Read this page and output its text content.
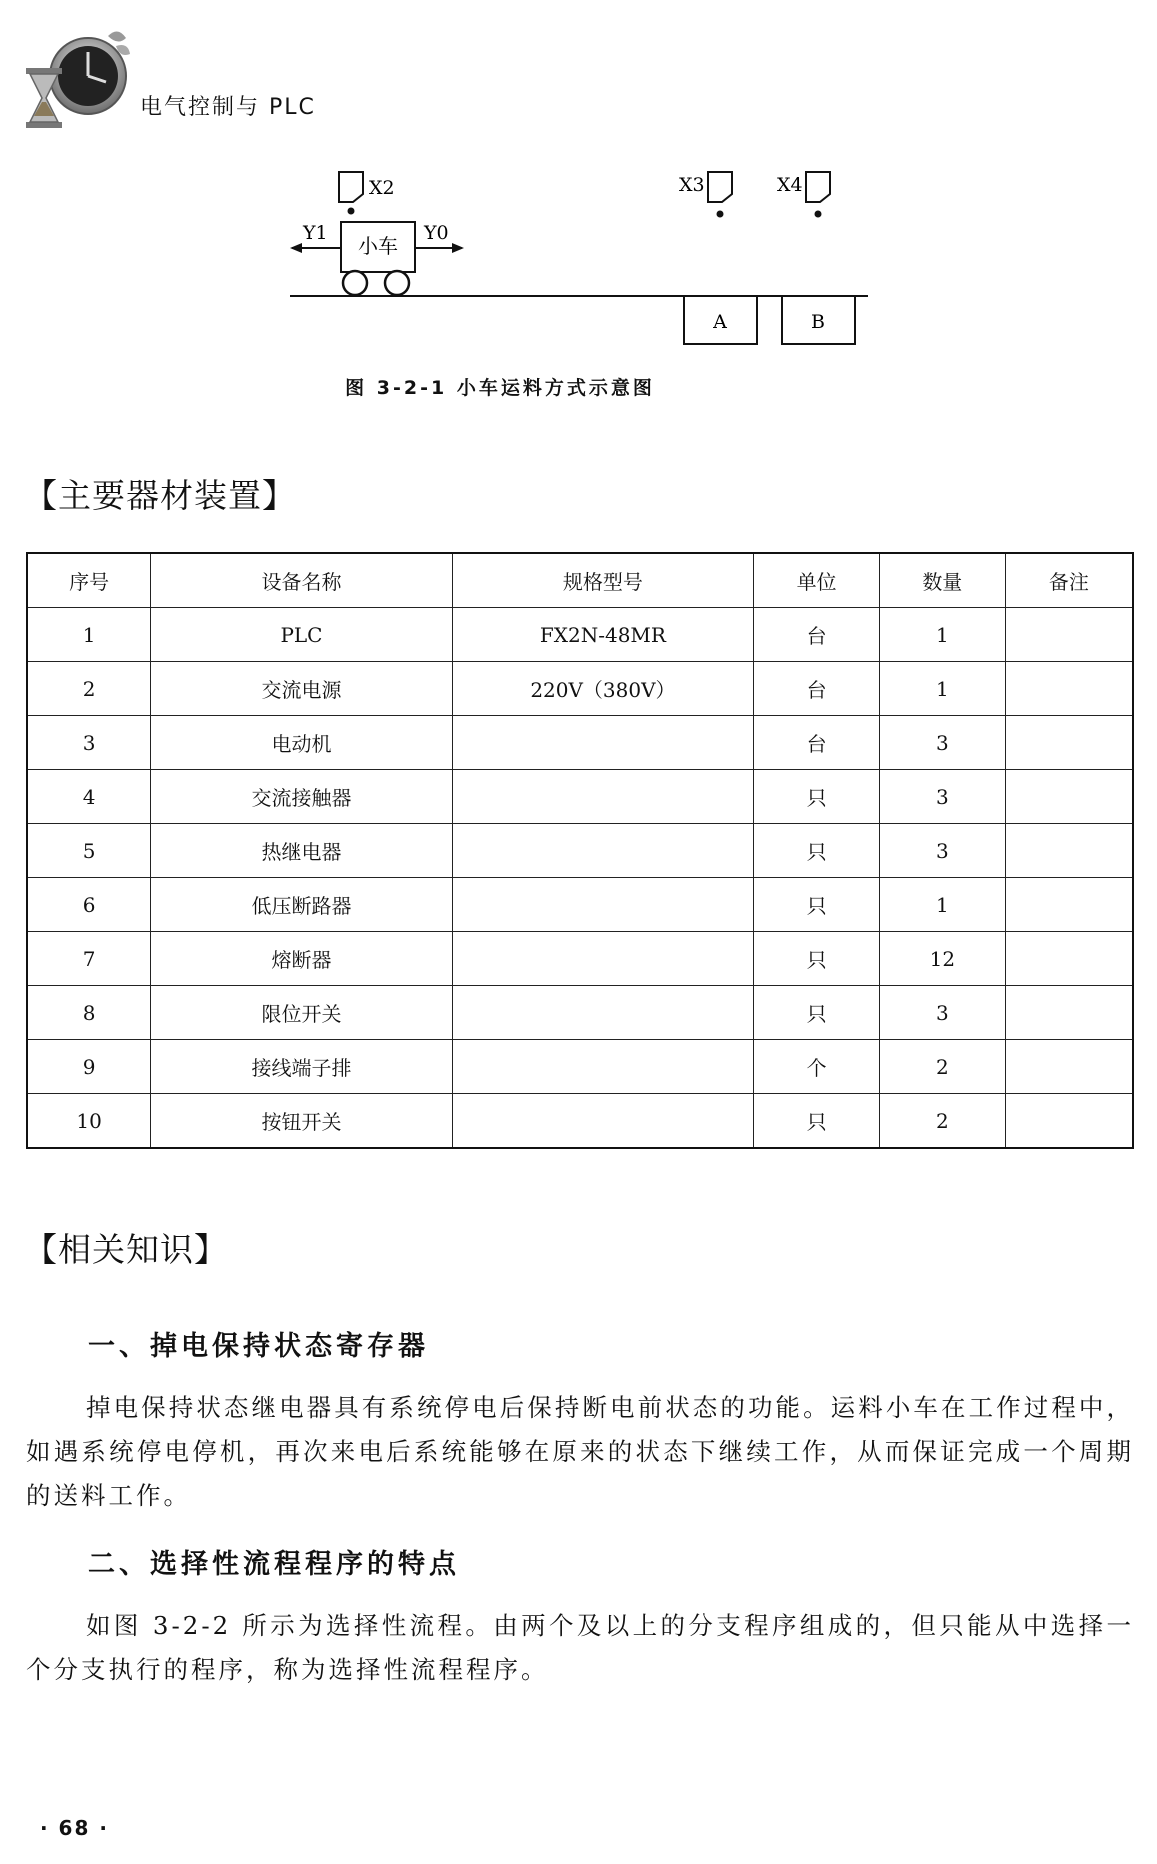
电气控制与 PLC
X2	X3	X4
Y1	Y0
小车
A	B
图 3-2-1 小车运料方式示意图
【主要器材装置】
序号	设备名称	规格型号	单位	数量	备注
1	PLC	FX2N-48MR	台	1	
2	交流电源	220V（380V）	台	1	
3	电动机		台	3	
4	交流接触器		只	3	
5	热继电器		只	3	
6	低压断路器		只	1	
7	熔断器		只	12	
8	限位开关		只	3	
9	接线端子排		个	2	
10	按钮开关		只	2	
【相关知识】
一、掉电保持状态寄存器

掉电保持状态继电器具有系统停电后保持断电前状态的功能。运料小车在工作过程中，如遇系统停电停机，再次来电后系统能够在原来的状态下继续工作，从而保证完成一个周期的送料工作。

二、选择性流程程序的特点

如图 3-2-2 所示为选择性流程。由两个及以上的分支程序组成的，但只能从中选择一个分支执行的程序，称为选择性流程程序。

· 68 ·
